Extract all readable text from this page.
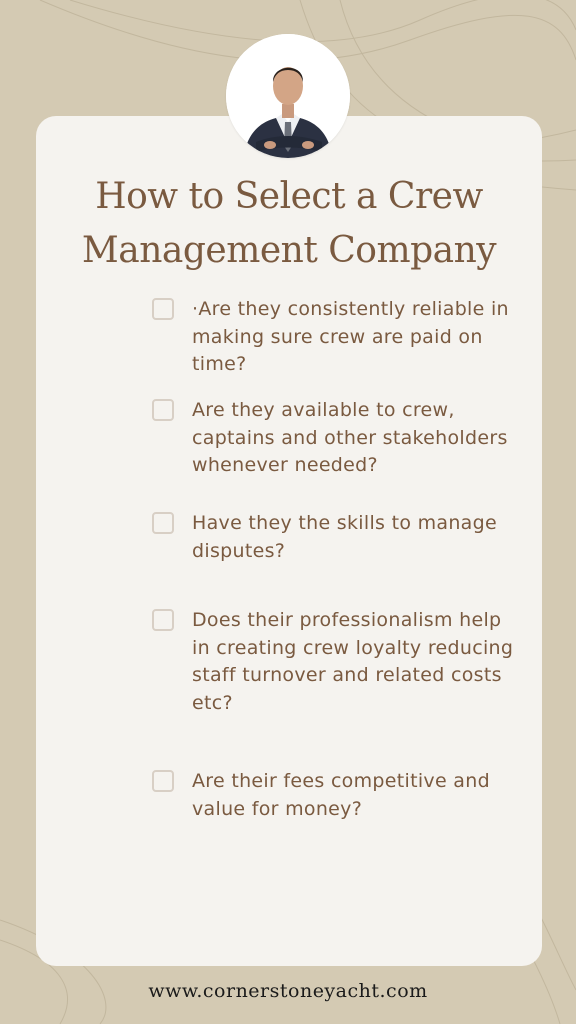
How to Select a Crew
Management Company
·Are they consistently reliable in making sure crew are paid on time?
Are they available to crew, captains and other stakeholders whenever needed?
Have they the skills to manage disputes?
Does their professionalism help in creating crew loyalty reducing staff turnover and related costs etc?
Are their fees competitive and value for money?
www.cornerstoneyacht.com
